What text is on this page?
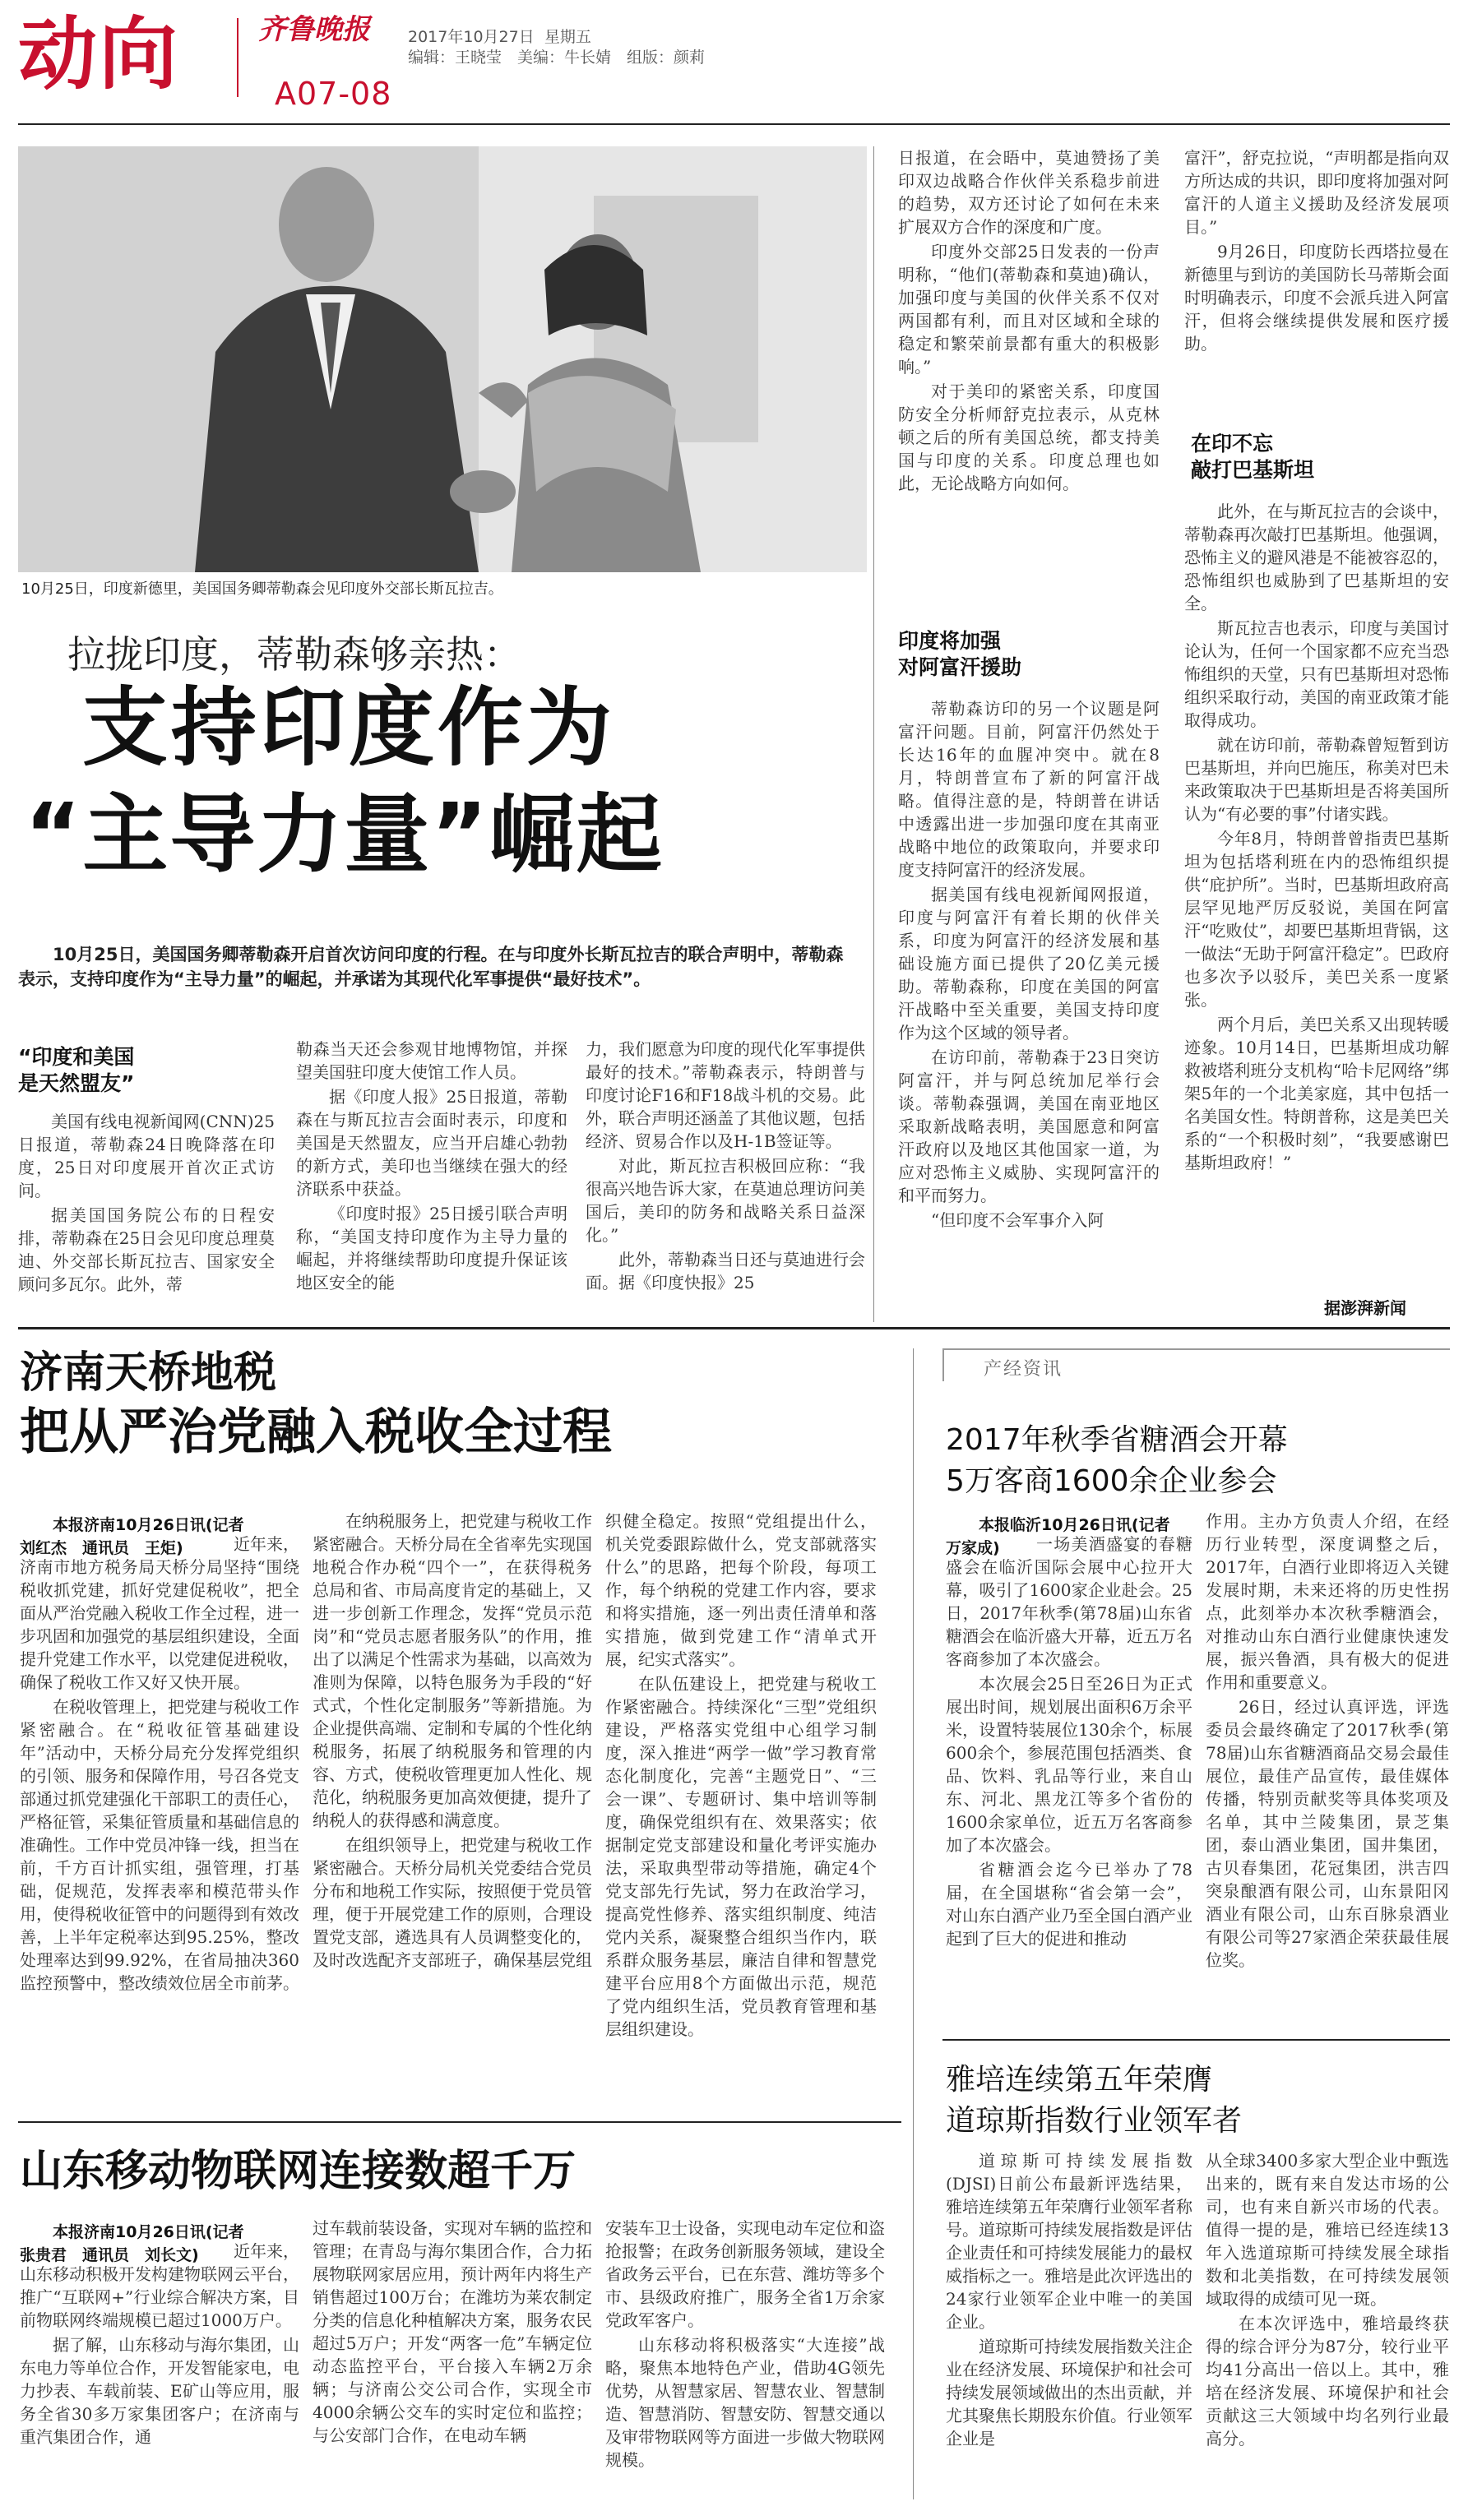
动向	齐鲁晚报 2017年10月27日 星期五
编辑：王晓莹　美编：牛长婧　组版：颜莉
A07-08
10月25日，印度新德里，美国国务卿蒂勒森会见印度外交部长斯瓦拉吉。
拉拢印度，蒂勒森够亲热：
支持印度作为
“主导力量”崛起
10月25日，美国国务卿蒂勒森开启首次访问印度的行程。在与印度外长斯瓦拉吉的联合声明中，蒂勒森表示，支持印度作为“主导力量”的崛起，并承诺为其现代化军事提供“最好技术”。
“印度和美国
是天然盟友”

美国有线电视新闻网(CNN)25日报道，蒂勒森24日晚降落在印度，25日对印度展开首次正式访问。

据美国国务院公布的日程安排，蒂勒森在25日会见印度总理莫迪、外交部长斯瓦拉吉、国家安全顾问多瓦尔。此外，蒂

勒森当天还会参观甘地博物馆，并探望美国驻印度大使馆工作人员。

据《印度人报》25日报道，蒂勒森在与斯瓦拉吉会面时表示，印度和美国是天然盟友，应当开启雄心勃勃的新方式，美印也当继续在强大的经济联系中获益。

《印度时报》25日援引联合声明称，“美国支持印度作为主导力量的崛起，并将继续帮助印度提升保证该地区安全的能

力，我们愿意为印度的现代化军事提供最好的技术。”蒂勒森表示，特朗普与印度讨论F16和F18战斗机的交易。此外，联合声明还涵盖了其他议题，包括经济、贸易合作以及H-1B签证等。

对此，斯瓦拉吉积极回应称：“我很高兴地告诉大家，在莫迪总理访问美国后，美印的防务和战略关系日益深化。”

此外，蒂勒森当日还与莫迪进行会面。据《印度快报》25

日报道，在会晤中，莫迪赞扬了美印双边战略合作伙伴关系稳步前进的趋势，双方还讨论了如何在未来扩展双方合作的深度和广度。

印度外交部25日发表的一份声明称，“他们(蒂勒森和莫迪)确认，加强印度与美国的伙伴关系不仅对两国都有利，而且对区域和全球的稳定和繁荣前景都有重大的积极影响。”

对于美印的紧密关系，印度国防安全分析师舒克拉表示，从克林顿之后的所有美国总统，都支持美国与印度的关系。印度总理也如此，无论战略方向如何。

印度将加强
对阿富汗援助

蒂勒森访印的另一个议题是阿富汗问题。目前，阿富汗仍然处于长达16年的血腥冲突中。就在8月，特朗普宣布了新的阿富汗战略。值得注意的是，特朗普在讲话中透露出进一步加强印度在其南亚战略中地位的政策取向，并要求印度支持阿富汗的经济发展。

据美国有线电视新闻网报道，印度与阿富汗有着长期的伙伴关系，印度为阿富汗的经济发展和基础设施方面已提供了20亿美元援助。蒂勒森称，印度在美国的阿富汗战略中至关重要，美国支持印度作为这个区域的领导者。

在访印前，蒂勒森于23日突访阿富汗，并与阿总统加尼举行会谈。蒂勒森强调，美国在南亚地区采取新战略表明，美国愿意和阿富汗政府以及地区其他国家一道，为应对恐怖主义威胁、实现阿富汗的和平而努力。

“但印度不会军事介入阿

富汗”，舒克拉说，“声明都是指向双方所达成的共识，即印度将加强对阿富汗的人道主义援助及经济发展项目。”

9月26日，印度防长西塔拉曼在新德里与到访的美国防长马蒂斯会面时明确表示，印度不会派兵进入阿富汗，但将会继续提供发展和医疗援助。

在印不忘
敲打巴基斯坦

此外，在与斯瓦拉吉的会谈中，蒂勒森再次敲打巴基斯坦。他强调，恐怖主义的避风港是不能被容忍的，恐怖组织也威胁到了巴基斯坦的安全。

斯瓦拉吉也表示，印度与美国讨论认为，任何一个国家都不应充当恐怖组织的天堂，只有巴基斯坦对恐怖组织采取行动，美国的南亚政策才能取得成功。

就在访印前，蒂勒森曾短暂到访巴基斯坦，并向巴施压，称美对巴未来政策取决于巴基斯坦是否将美国所认为“有必要的事”付诸实践。

今年8月，特朗普曾指责巴基斯坦为包括塔利班在内的恐怖组织提供“庇护所”。当时，巴基斯坦政府高层罕见地严厉反驳说，美国在阿富汗“吃败仗”，却要巴基斯坦背锅，这一做法“无助于阿富汗稳定”。巴政府也多次予以驳斥，美巴关系一度紧张。

两个月后，美巴关系又出现转暖迹象。10月14日，巴基斯坦成功解救被塔利班分支机构“哈卡尼网络”绑架5年的一个北美家庭，其中包括一名美国女性。特朗普称，这是美巴关系的“一个积极时刻”，“我要感谢巴基斯坦政府！”

据澎湃新闻
济南天桥地税
把从严治党融入税收全过程
本报济南10月26日讯(记者
刘红杰　通讯员　王炬)	近年来，济南市地方税务局天桥分局坚持“围绕税收抓党建，抓好党建促税收”，把全面从严治党融入税收工作全过程，进一步巩固和加强党的基层组织建设，全面提升党建工作水平，以党建促进税收，确保了税收工作又好又快开展。

在税收管理上，把党建与税收工作紧密融合。在“税收征管基础建设年”活动中，天桥分局充分发挥党组织的引领、服务和保障作用，号召各党支部通过抓党建强化干部职工的责任心，严格征管，采集征管质量和基础信息的准确性。工作中党员冲锋一线，担当在前，千方百计抓实组，强管理，打基础，促规范，发挥表率和模范带头作用，使得税收征管中的问题得到有效改善，上半年定税率达到95.25%，整改处理率达到99.92%，在省局抽决360监控预警中，整改绩效位居全市前茅。

在纳税服务上，把党建与税收工作紧密融合。天桥分局在全省率先实现国地税合作办税“四个一”，在获得税务总局和省、市局高度肯定的基础上，又进一步创新工作理念，发挥“党员示范岗”和“党员志愿者服务队”的作用，推出了以满足个性需求为基础，以高效为准则为保障，以特色服务为手段的“好式式，个性化定制服务”等新措施。为企业提供高端、定制和专属的个性化纳税服务，拓展了纳税服务和管理的内容、方式，使税收管理更加人性化、规范化，纳税服务更加高效便捷，提升了纳税人的获得感和满意度。

在组织领导上，把党建与税收工作紧密融合。天桥分局机关党委结合党员分布和地税工作实际，按照便于党员管理，便于开展党建工作的原则，合理设置党支部，遴选具有人员调整变化的，及时改选配齐支部班子，确保基层党组

织健全稳定。按照“党组提出什么，机关党委跟踪做什么，党支部就落实什么”的思路，把每个阶段，每项工作，每个纳税的党建工作内容，要求和将实措施，逐一列出责任清单和落实措施，做到党建工作“清单式开展，纪实式落实”。

在队伍建设上，把党建与税收工作紧密融合。持续深化“三型”党组织建设，严格落实党组中心组学习制度，深入推进“两学一做”学习教育常态化制度化，完善“主题党日”、“三会一课”、专题研讨、集中培训等制度，确保党组织有在、效果落实；依据制定党支部建设和量化考评实施办法，采取典型带动等措施，确定4个党支部先行先试，努力在政治学习，提高党性修养、落实组织制度、纯洁党内关系，凝聚整合组织当作内，联系群众服务基层，廉洁自律和智慧党建平台应用8个方面做出示范，规范了党内组织生活，党员教育管理和基层组织建设。

山东移动物联网连接数超千万
本报济南10月26日讯(记者
张贵君　通讯员　刘长文)	近年来，山东移动积极开发构建物联网云平台，推广“互联网+”行业综合解决方案，目前物联网终端规模已超过1000万户。

据了解，山东移动与海尔集团，山东电力等单位合作，开发智能家电，电力抄表、车载前装、E矿山等应用，服务全省30多万家集团客户；在济南与重汽集团合作，通

过车载前装设备，实现对车辆的监控和管理；在青岛与海尔集团合作，合力拓展物联网家居应用，预计两年内将生产销售超过100万台；在潍坊为莱农制定分类的信息化种植解决方案，服务农民超过5万户；开发“两客一危”车辆定位动态监控平台，平台接入车辆2万余辆；与济南公交公司合作，实现全市4000余辆公交车的实时定位和监控；与公安部门合作，在电动车辆

安装车卫士设备，实现电动车定位和盗抢报警；在政务创新服务领域，建设全省政务云平台，已在东营、潍坊等多个市、县级政府推广，服务全省1万余家党政军客户。

山东移动将积极落实“大连接”战略，聚焦本地特色产业，借助4G领先优势，从智慧家居、智慧农业、智慧制造、智慧消防、智慧安防、智慧交通以及审带物联网等方面进一步做大物联网规模。

产经资讯
2017年秋季省糖酒会开幕
5万客商1600余企业参会
本报临沂10月26日讯(记者
万家成)	一场美酒盛宴的春糖盛会在临沂国际会展中心拉开大幕，吸引了1600家企业赴会。25日，2017年秋季(第78届)山东省糖酒会在临沂盛大开幕，近五万名客商参加了本次盛会。

本次展会25日至26日为正式展出时间，规划展出面积6万余平米，设置特装展位130余个，标展600余个，参展范围包括酒类、食品、饮料、乳品等行业，来自山东、河北、黑龙江等多个省份的1600余家单位，近五万名客商参加了本次盛会。

省糖酒会迄今已举办了78届，在全国堪称“省会第一会”，对山东白酒产业乃至全国白酒产业起到了巨大的促进和推动

作用。主办方负责人介绍，在经历行业转型，深度调整之后，2017年，白酒行业即将迈入关键发展时期，未来还将的历史性拐点，此刻举办本次秋季糖酒会，对推动山东白酒行业健康快速发展，振兴鲁酒，具有极大的促进作用和重要意义。

26日，经过认真评选，评选委员会最终确定了2017秋季(第78届)山东省糖酒商品交易会最佳展位，最佳产品宣传，最佳媒体传播，特别贡献奖等具体奖项及名单，其中兰陵集团，景芝集团，泰山酒业集团，国井集团，古贝春集团，花冠集团，洪吉四突泉酿酒有限公司，山东景阳冈酒业有限公司，山东百脉泉酒业有限公司等27家酒企荣获最佳展位奖。

雅培连续第五年荣膺
道琼斯指数行业领军者

道琼斯可持续发展指数(DJSI)日前公布最新评选结果，雅培连续第五年荣膺行业领军者称号。道琼斯可持续发展指数是评估企业责任和可持续发展能力的最权威指标之一。雅培是此次评选出的24家行业领军企业中唯一的美国企业。

道琼斯可持续发展指数关注企业在经济发展、环境保护和社会可持续发展领域做出的杰出贡献，并尤其聚焦长期股东价值。行业领军企业是

从全球3400多家大型企业中甄选出来的，既有来自发达市场的公司，也有来自新兴市场的代表。值得一提的是，雅培已经连续13年入选道琼斯可持续发展全球指数和北美指数，在可持续发展领域取得的成绩可见一斑。

在本次评选中，雅培最终获得的综合评分为87分，较行业平均41分高出一倍以上。其中，雅培在经济发展、环境保护和社会贡献这三大领域中均名列行业最高分。
